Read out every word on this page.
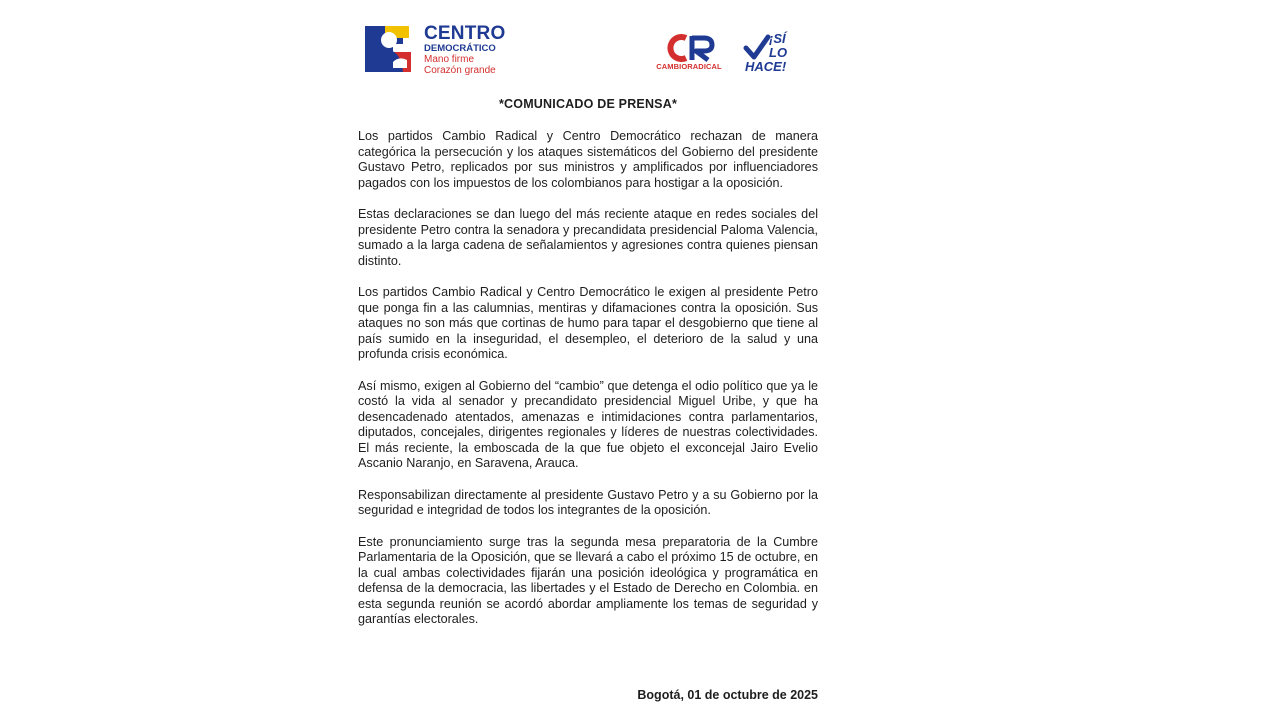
CENTRO
DEMOCRÁTICO
Mano firme
Corazón grande	CAMBIORADICAL
¡SÍ
LO
HACE!
*COMUNICADO DE PRENSA*

Los partidos Cambio Radical y Centro Democrático rechazan de manera categórica la persecución y los ataques sistemáticos del Gobierno del presidente Gustavo Petro, replicados por sus ministros y amplificados por influenciadores pagados con los impuestos de los colombianos para hostigar a la oposición.

Estas declaraciones se dan luego del más reciente ataque en redes sociales del presidente Petro contra la senadora y precandidata presidencial Paloma Valencia, sumado a la larga cadena de señalamientos y agresiones contra quienes piensan distinto.

Los partidos Cambio Radical y Centro Democrático le exigen al presidente Petro que ponga fin a las calumnias, mentiras y difamaciones contra la oposición. Sus ataques no son más que cortinas de humo para tapar el desgobierno que tiene al país sumido en la inseguridad, el desempleo, el deterioro de la salud y una profunda crisis económica.

Así mismo, exigen al Gobierno del “cambio” que detenga el odio político que ya le costó la vida al senador y precandidato presidencial Miguel Uribe, y que ha desencadenado atentados, amenazas e intimidaciones contra parlamentarios, diputados, concejales, dirigentes regionales y líderes de nuestras colectividades. El más reciente, la emboscada de la que fue objeto el exconcejal Jairo Evelio Ascanio Naranjo, en Saravena, Arauca.

Responsabilizan directamente al presidente Gustavo Petro y a su Gobierno por la seguridad e integridad de todos los integrantes de la oposición.

Este pronunciamiento surge tras la segunda mesa preparatoria de la Cumbre Parlamentaria de la Oposición, que se llevará a cabo el próximo 15 de octubre, en la cual ambas colectividades fijarán una posición ideológica y programática en defensa de la democracia, las libertades y el Estado de Derecho en Colombia. en esta segunda reunión se acordó abordar ampliamente los temas de seguridad y garantías electorales.

Bogotá, 01 de octubre de 2025
